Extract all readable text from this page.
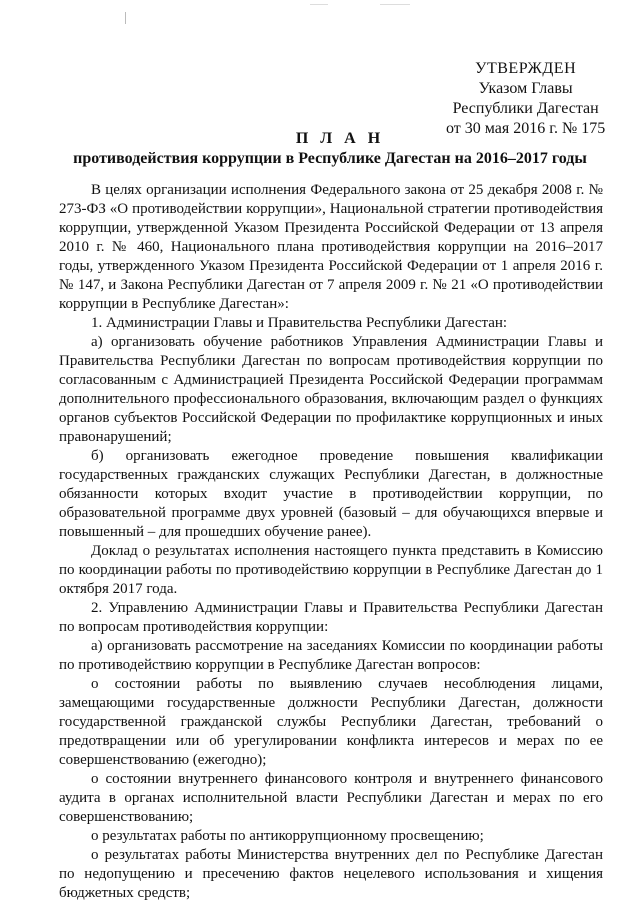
УТВЕРЖДЕН
Указом Главы
Республики Дагестан
от 30 мая 2016 г. № 175
П Л А Н
противодействия коррупции в Республике Дагестан на 2016–2017 годы

В целях организации исполнения Федерального закона от 25 декабря 2008 г. № 273-ФЗ «О противодействии коррупции», Национальной стратегии противодействия коррупции, утвержденной Указом Президента Российской Федерации от 13 апреля 2010 г. № 460, Национального плана противодействия коррупции на 2016–2017 годы, утвержденного Указом Президента Российской Федерации от 1 апреля 2016 г. № 147, и Закона Республики Дагестан от 7 апреля 2009 г. № 21 «О противодействии коррупции в Республике Дагестан»:

1. Администрации Главы и Правительства Республики Дагестан:

а) организовать обучение работников Управления Администрации Главы и Правительства Республики Дагестан по вопросам противодействия коррупции по согласованным с Администрацией Президента Российской Федерации программам дополнительного профессионального образования, включающим раздел о функциях органов субъектов Российской Федерации по профилактике коррупционных и иных правонарушений;

б) организовать ежегодное проведение повышения квалификации государственных гражданских служащих Республики Дагестан, в должностные обязанности которых входит участие в противодействии коррупции, по образовательной программе двух уровней (базовый – для обучающихся впервые и повышенный – для прошедших обучение ранее).

Доклад о результатах исполнения настоящего пункта представить в Комиссию по координации работы по противодействию коррупции в Республике Дагестан до 1 октября 2017 года.

2. Управлению Администрации Главы и Правительства Республики Дагестан по вопросам противодействия коррупции:

а) организовать рассмотрение на заседаниях Комиссии по координации работы по противодействию коррупции в Республике Дагестан вопросов:

о состоянии работы по выявлению случаев несоблюдения лицами, замещающими государственные должности Республики Дагестан, должности государственной гражданской службы Республики Дагестан, требований о предотвращении или об урегулировании конфликта интересов и мерах по ее совершенствованию (ежегодно);

о состоянии внутреннего финансового контроля и внутреннего финансового аудита в органах исполнительной власти Республики Дагестан и мерах по его совершенствованию;

о результатах работы по антикоррупционному просвещению;

о результатах работы Министерства внутренних дел по Республике Дагестан по недопущению и пресечению фактов нецелевого использования и хищения бюджетных средств;
